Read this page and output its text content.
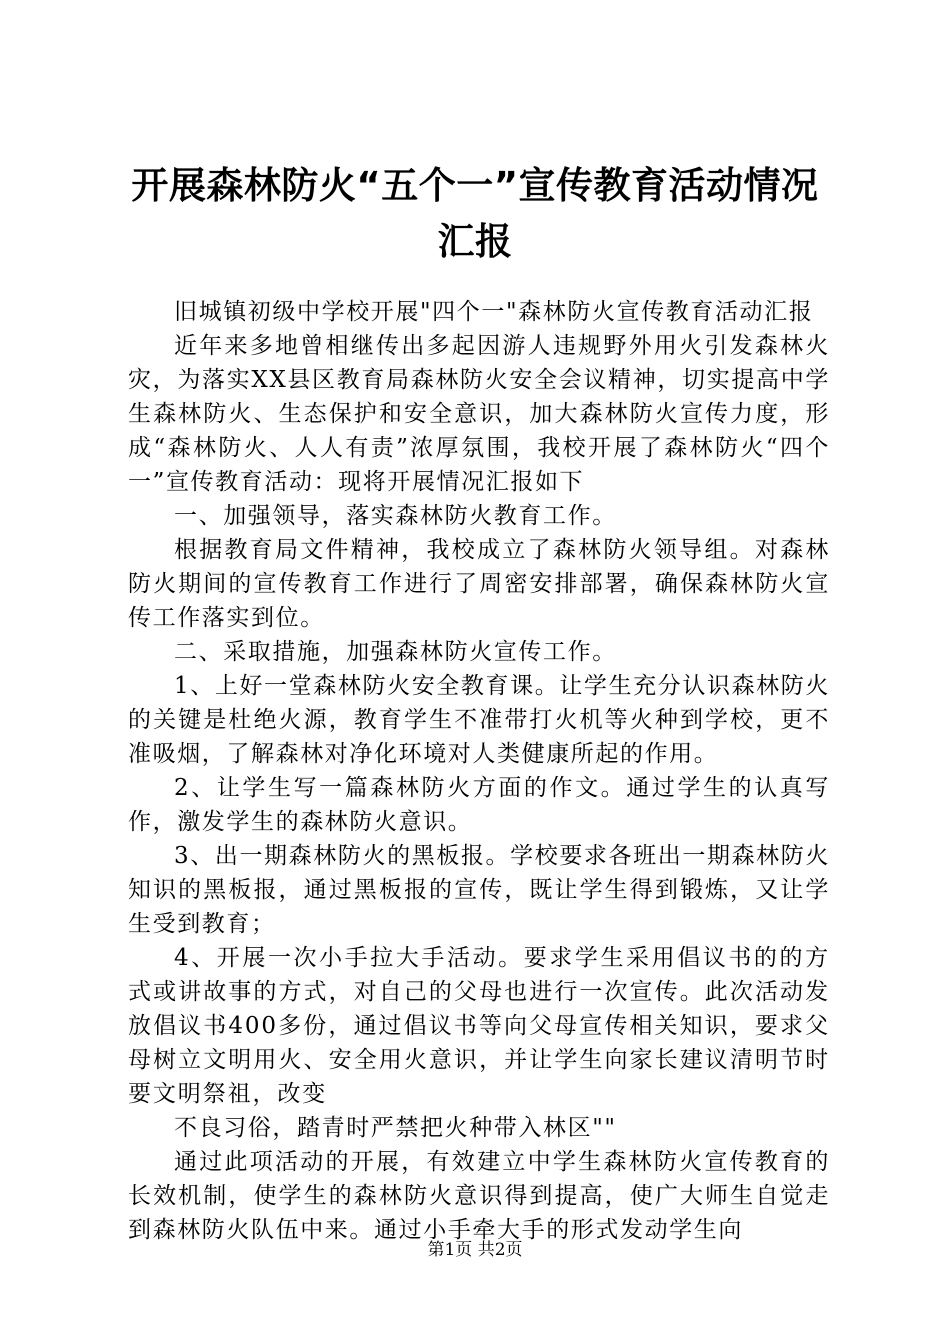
开展森林防火“五个一”宣传教育活动情况汇报

旧城镇初级中学校开展"四个一"森林防火宣传教育活动汇报

近年来多地曾相继传出多起因游人违规野外用火引发森林火灾，为落实XX县区教育局森林防火安全会议精神，切实提高中学生森林防火、生态保护和安全意识，加大森林防火宣传力度，形成“森林防火、人人有责”浓厚氛围，我校开展了森林防火“四个一”宣传教育活动：现将开展情况汇报如下

一、加强领导，落实森林防火教育工作。

根据教育局文件精神，我校成立了森林防火领导组。对森林防火期间的宣传教育工作进行了周密安排部署，确保森林防火宣传工作落实到位。

二、采取措施，加强森林防火宣传工作。

1、上好一堂森林防火安全教育课。让学生充分认识森林防火的关键是杜绝火源，教育学生不准带打火机等火种到学校，更不准吸烟，了解森林对净化环境对人类健康所起的作用。

2、让学生写一篇森林防火方面的作文。通过学生的认真写作，激发学生的森林防火意识。

3、出一期森林防火的黑板报。学校要求各班出一期森林防火知识的黑板报，通过黑板报的宣传，既让学生得到锻炼，又让学生受到教育；

4、开展一次小手拉大手活动。要求学生采用倡议书的的方式或讲故事的方式，对自己的父母也进行一次宣传。此次活动发放倡议书400多份，通过倡议书等向父母宣传相关知识，要求父母树立文明用火、安全用火意识，并让学生向家长建议清明节时要文明祭祖，改变

不良习俗，踏青时严禁把火种带入林区""

通过此项活动的开展，有效建立中学生森林防火宣传教育的长效机制，使学生的森林防火意识得到提高，使广大师生自觉走到森林防火队伍中来。通过小手牵大手的形式发动学生向

第1页 共2页
